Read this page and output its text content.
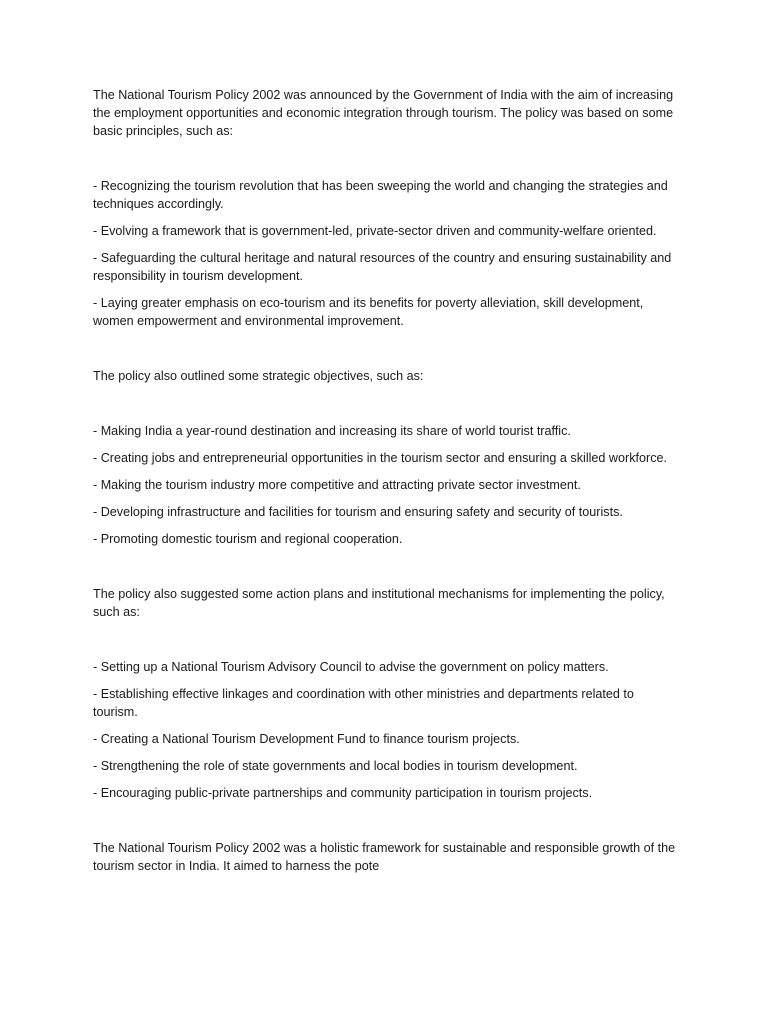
The National Tourism Policy 2002 was announced by the Government of India with the aim of increasing the employment opportunities and economic integration through tourism. The policy was based on some basic principles, such as:

- Recognizing the tourism revolution that has been sweeping the world and changing the strategies and techniques accordingly.

- Evolving a framework that is government-led, private-sector driven and community-welfare oriented.

- Safeguarding the cultural heritage and natural resources of the country and ensuring sustainability and responsibility in tourism development.

- Laying greater emphasis on eco-tourism and its benefits for poverty alleviation, skill development, women empowerment and environmental improvement.

The policy also outlined some strategic objectives, such as:

- Making India a year-round destination and increasing its share of world tourist traffic.

- Creating jobs and entrepreneurial opportunities in the tourism sector and ensuring a skilled workforce.

- Making the tourism industry more competitive and attracting private sector investment.

- Developing infrastructure and facilities for tourism and ensuring safety and security of tourists.

- Promoting domestic tourism and regional cooperation.

The policy also suggested some action plans and institutional mechanisms for implementing the policy, such as:

- Setting up a National Tourism Advisory Council to advise the government on policy matters.

- Establishing effective linkages and coordination with other ministries and departments related to tourism.

- Creating a National Tourism Development Fund to finance tourism projects.

- Strengthening the role of state governments and local bodies in tourism development.

- Encouraging public-private partnerships and community participation in tourism projects.

The National Tourism Policy 2002 was a holistic framework for sustainable and responsible growth of the tourism sector in India. It aimed to harness the pote
